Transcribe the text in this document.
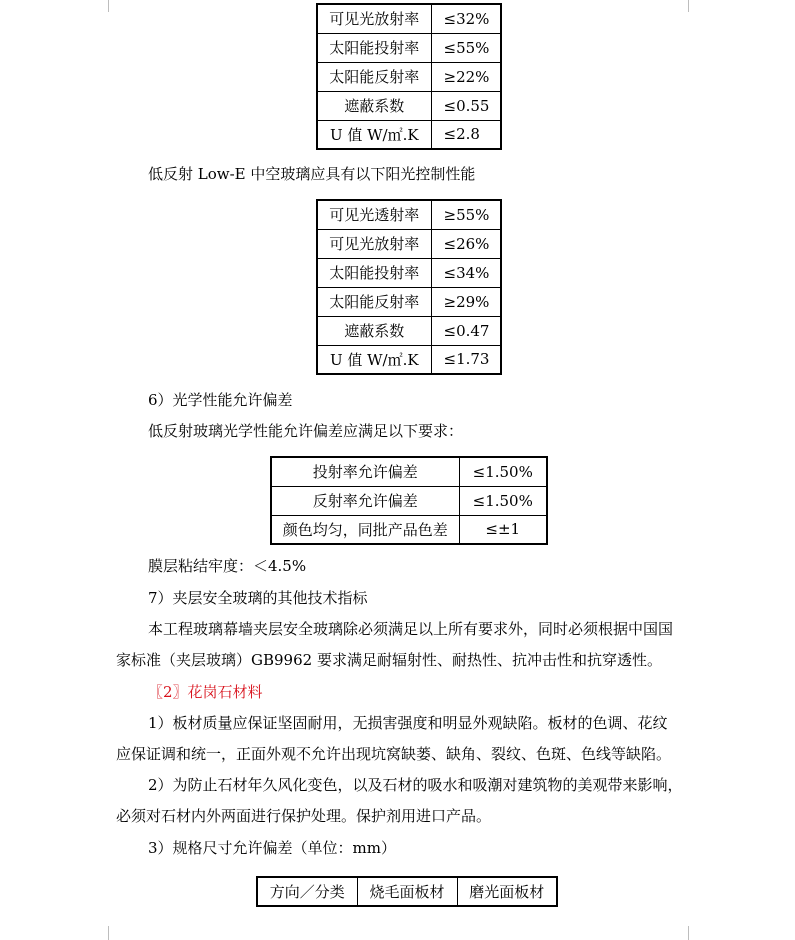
可见光放射率	≤32%
太阳能投射率	≤55%
太阳能反射率	≥22%
遮蔽系数	≤0.55
U 值 W/㎡.K	≤2.8
低反射 Low-E 中空玻璃应具有以下阳光控制性能
可见光透射率	≥55%
可见光放射率	≤26%
太阳能投射率	≤34%
太阳能反射率	≥29%
遮蔽系数	≤0.47
U 值 W/㎡.K	≤1.73
6）光学性能允许偏差
低反射玻璃光学性能允许偏差应满足以下要求：
投射率允许偏差	≤1.50%
反射率允许偏差	≤1.50%
颜色均匀，同批产品色差	≤±1
膜层粘结牢度：＜4.5%
7）夹层安全玻璃的其他技术指标
本工程玻璃幕墙夹层安全玻璃除必须满足以上所有要求外，同时必须根据中国国
家标准（夹层玻璃）GB9962 要求满足耐辐射性、耐热性、抗冲击性和抗穿透性。
〖2〗花岗石材料
1）板材质量应保证坚固耐用，无损害强度和明显外观缺陷。板材的色调、花纹
应保证调和统一，正面外观不允许出现坑窝缺蒌、缺角、裂纹、色斑、色线等缺陷。
2）为防止石材年久风化变色，以及石材的吸水和吸潮对建筑物的美观带来影响，
必须对石材内外两面进行保护处理。保护剂用进口产品。
3）规格尺寸允许偏差（单位：mm）
方向／分类	烧毛面板材	磨光面板材
